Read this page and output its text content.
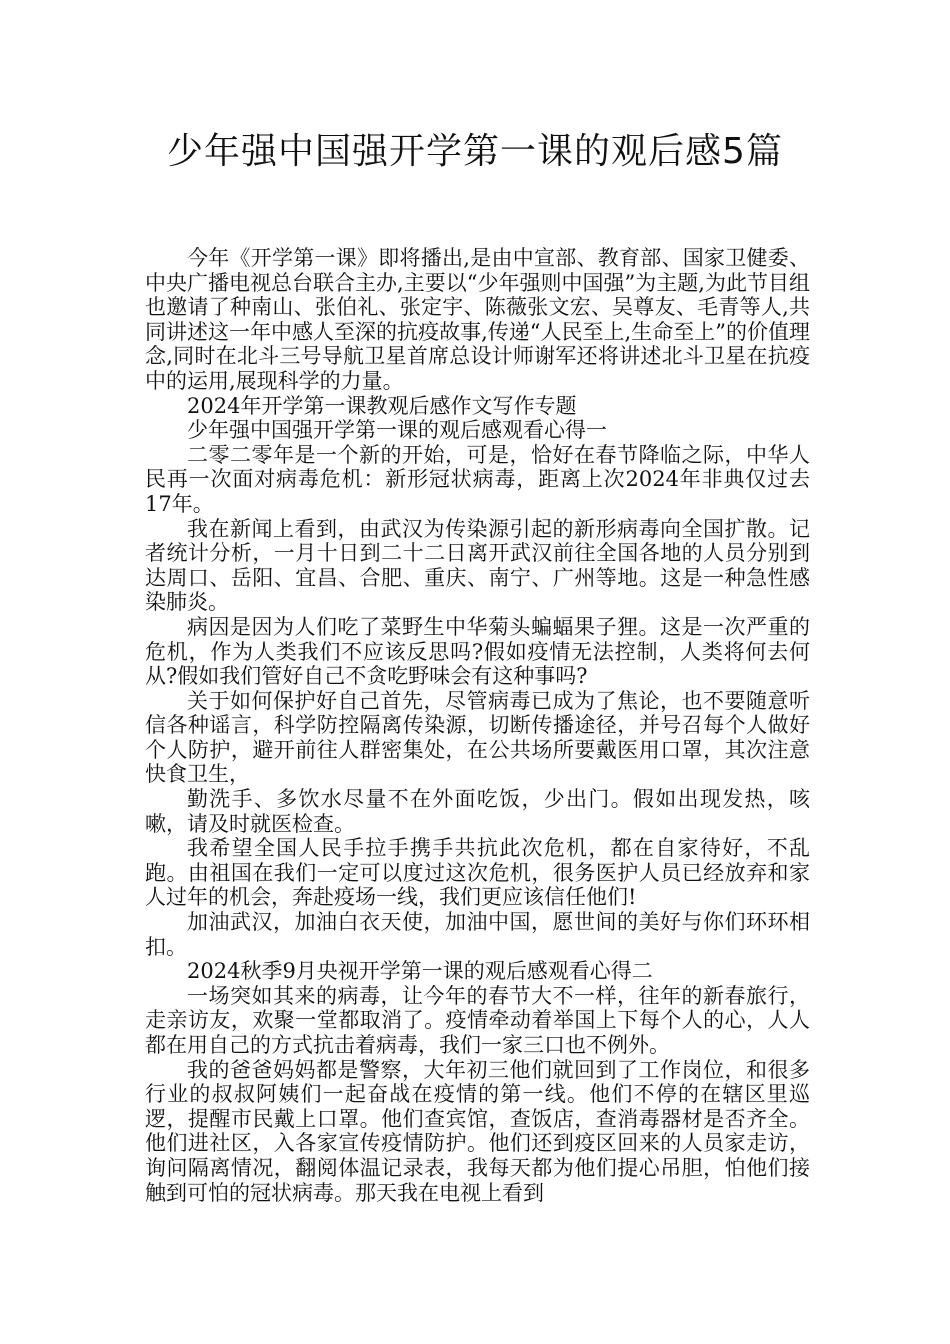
少年强中国强开学第一课的观后感5篇

今年《开学第一课》即将播出,是由中宣部、教育部、国家卫健委、中央广播电视总台联合主办,主要以“少年强则中国强”为主题,为此节目组也邀请了种南山、张伯礼、张定宇、陈薇张文宏、吴尊友、毛青等人,共同讲述这一年中感人至深的抗疫故事,传递“人民至上,生命至上”的价值理念,同时在北斗三号导航卫星首席总设计师谢军还将讲述北斗卫星在抗疫中的运用,展现科学的力量。

2024年开学第一课教观后感作文写作专题

少年强中国强开学第一课的观后感观看心得一

二零二零年是一个新的开始，可是，恰好在春节降临之际，中华人民再一次面对病毒危机：新形冠状病毒，距离上次2024年非典仅过去17年。

我在新闻上看到，由武汉为传染源引起的新形病毒向全国扩散。记者统计分析，一月十日到二十二日离开武汉前往全国各地的人员分别到达周口、岳阳、宜昌、合肥、重庆、南宁、广州等地。这是一种急性感染肺炎。

病因是因为人们吃了菜野生中华菊头蝙蝠果子狸。这是一次严重的危机，作为人类我们不应该反思吗?假如疫情无法控制，人类将何去何从?假如我们管好自己不贪吃野味会有这种事吗?

关于如何保护好自己首先，尽管病毒已成为了焦论，也不要随意听信各种谣言，科学防控隔离传染源，切断传播途径，并号召每个人做好个人防护，避开前往人群密集处，在公共场所要戴医用口罩，其次注意快食卫生，

勤洗手、多饮水尽量不在外面吃饭，少出门。假如出现发热，咳嗽，请及时就医检查。

我希望全国人民手拉手携手共抗此次危机，都在自家待好，不乱跑。由祖国在我们一定可以度过这次危机，很务医护人员已经放弃和家人过年的机会，奔赴疫场一线，我们更应该信任他们!

加油武汉，加油白衣天使，加油中国，愿世间的美好与你们环环相扣。

2024秋季9月央视开学第一课的观后感观看心得二

一场突如其来的病毒，让今年的春节大不一样，往年的新春旅行，走亲访友，欢聚一堂都取消了。疫情牵动着举国上下每个人的心，人人都在用自己的方式抗击着病毒，我们一家三口也不例外。

我的爸爸妈妈都是警察，大年初三他们就回到了工作岗位，和很多行业的叔叔阿姨们一起奋战在疫情的第一线。他们不停的在辖区里巡逻，提醒市民戴上口罩。他们查宾馆，查饭店，查消毒器材是否齐全。他们进社区，入各家宣传疫情防护。他们还到疫区回来的人员家走访，询问隔离情况，翻阅体温记录表，我每天都为他们提心吊胆，怕他们接触到可怕的冠状病毒。那天我在电视上看到
